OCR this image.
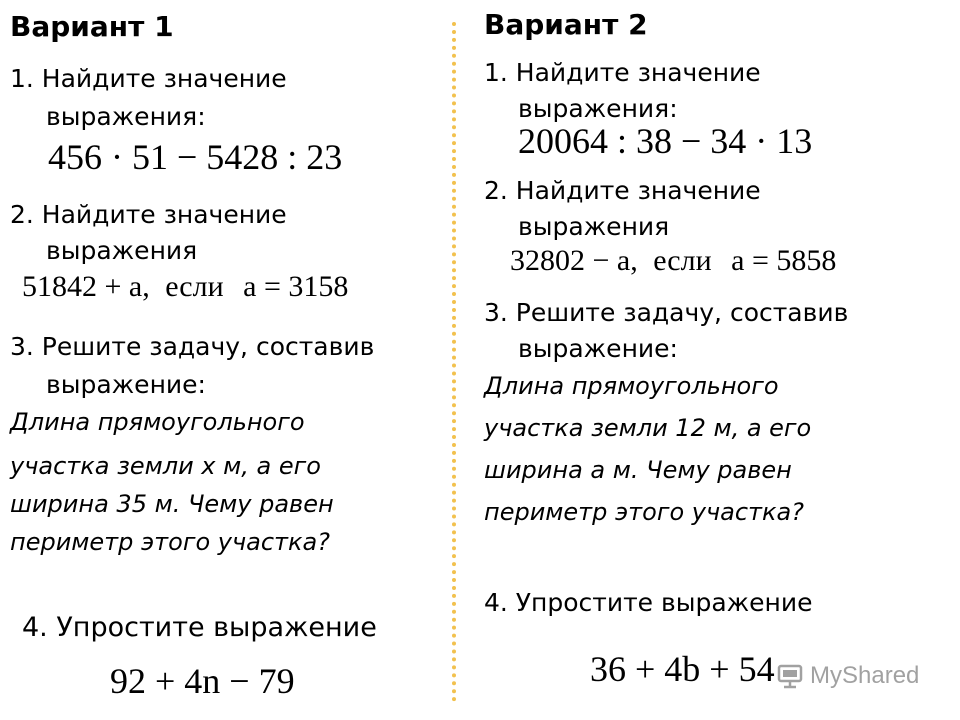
Вариант 1
1. Найдите значение
выражения:
456 · 51 − 5428 : 23
2. Найдите значение
выражения
51842 + a, если a = 3158
3. Решите задачу, составив
выражение:
Длина прямоугольного
участка земли х м, а его
ширина 35 м. Чему равен
периметр этого участка?
4. Упростите выражение
92 + 4n − 79
Вариант 2
1. Найдите значение
выражения:
20064 : 38 − 34 · 13
2. Найдите значение
выражения
32802 − a, если a = 5858
3. Решите задачу, составив
выражение:
Длина прямоугольного
участка земли 12 м, а его
ширина а м. Чему равен
периметр этого участка?
4. Упростите выражение
36 + 4b + 54 MyShared
